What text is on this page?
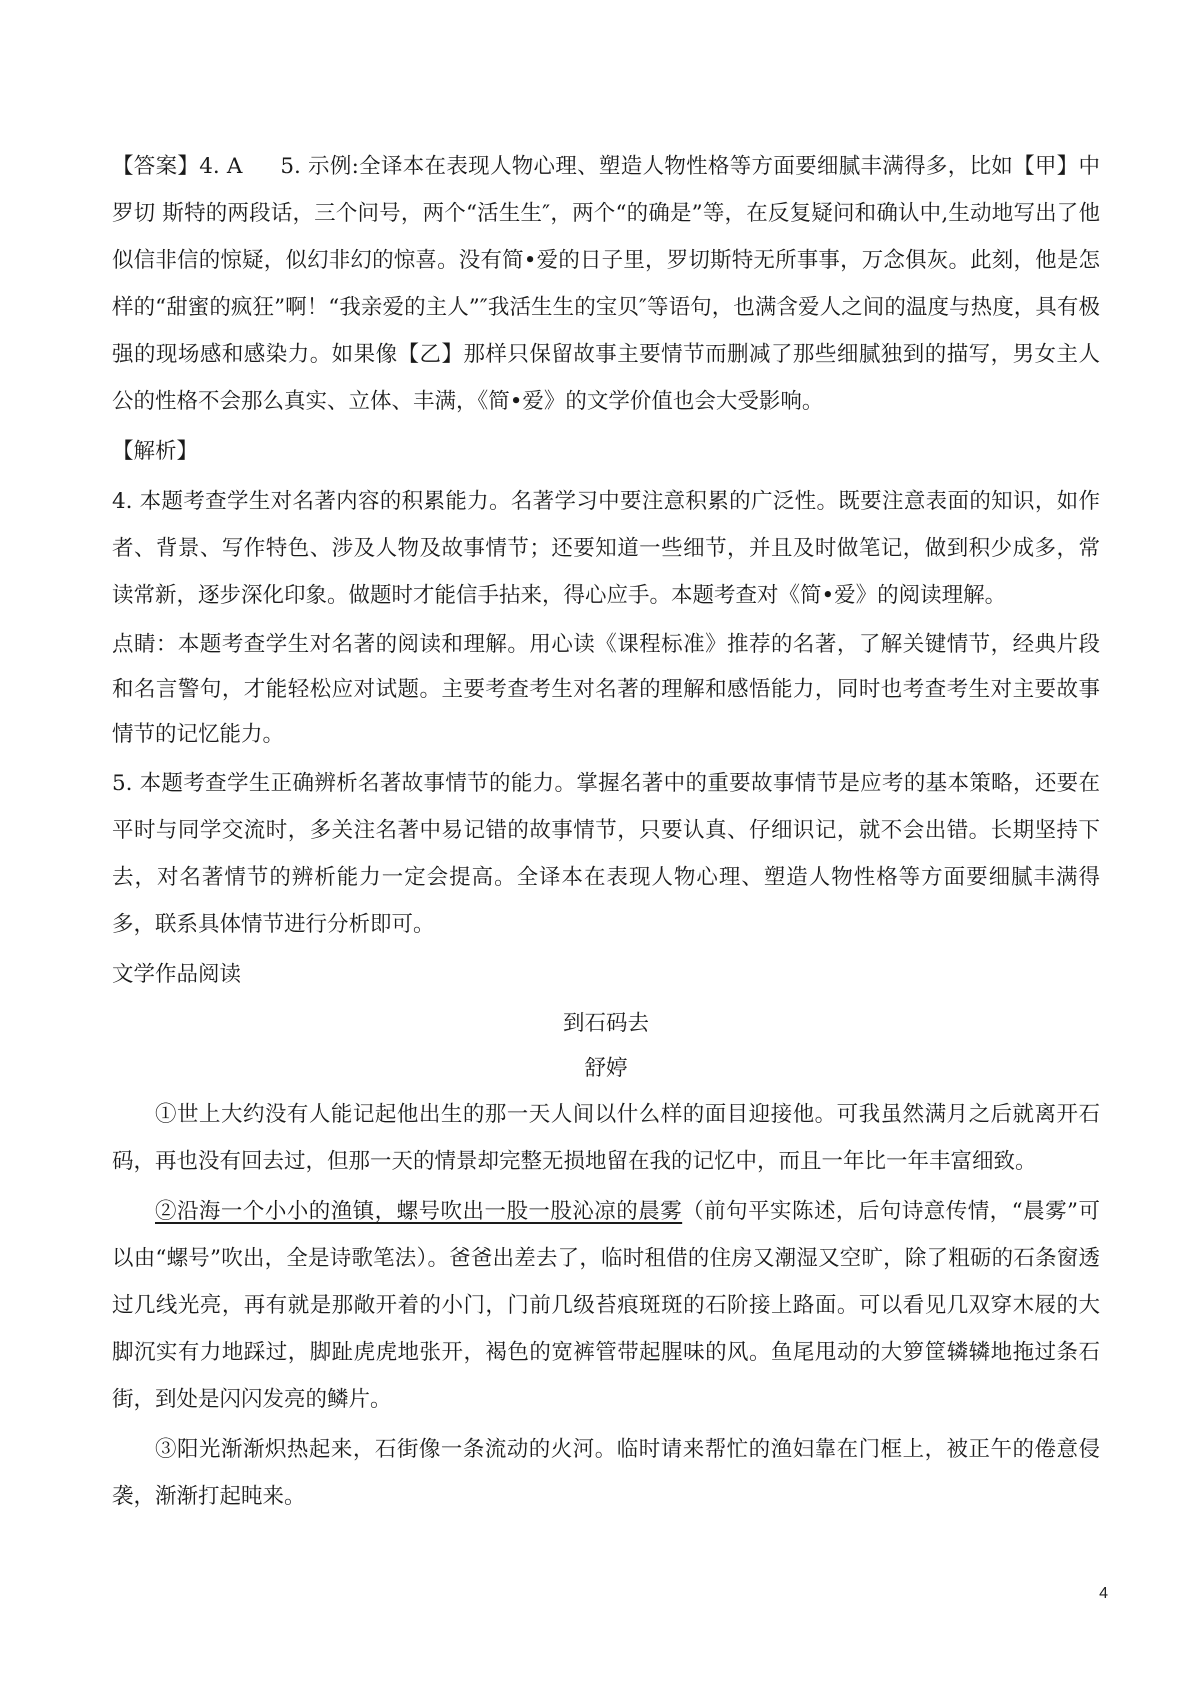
【答案】4. A 5. 示例:全译本在表现人物心理、塑造人物性格等方面要细腻丰满得多，比如【甲】中罗切 斯特的两段话，三个问号，两个“活生生″，两个“的确是”等，在反复疑问和确认中,生动地写出了他似信非信的惊疑，似幻非幻的惊喜。没有简•爱的日子里，罗切斯特无所事事，万念俱灰。此刻，他是怎样的“甜蜜的疯狂”啊！“我亲爱的主人”″我活生生的宝贝″等语句，也满含爱人之间的温度与热度，具有极强的现场感和感染力。如果像【乙】那样只保留故事主要情节而删减了那些细腻独到的描写，男女主人公的性格不会那么真实、立体、丰满，《简•爱》的文学价值也会大受影响。

【解析】

4. 本题考查学生对名著内容的积累能力。名著学习中要注意积累的广泛性。既要注意表面的知识，如作者、背景、写作特色、涉及人物及故事情节；还要知道一些细节，并且及时做笔记，做到积少成多，常读常新，逐步深化印象。做题时才能信手拈来，得心应手。本题考查对《简•爱》的阅读理解。

点睛：本题考查学生对名著的阅读和理解。用心读《课程标准》推荐的名著，了解关键情节，经典片段和名言警句，才能轻松应对试题。主要考查考生对名著的理解和感悟能力，同时也考查考生对主要故事情节的记忆能力。

5. 本题考查学生正确辨析名著故事情节的能力。掌握名著中的重要故事情节是应考的基本策略，还要在平时与同学交流时，多关注名著中易记错的故事情节，只要认真、仔细识记，就不会出错。长期坚持下去，对名著情节的辨析能力一定会提高。全译本在表现人物心理、塑造人物性格等方面要细腻丰满得多，联系具体情节进行分析即可。

文学作品阅读

到石码去

舒婷

①世上大约没有人能记起他出生的那一天人间以什么样的面目迎接他。可我虽然满月之后就离开石码，再也没有回去过，但那一天的情景却完整无损地留在我的记忆中，而且一年比一年丰富细致。

②沿海一个小小的渔镇，螺号吹出一股一股沁凉的晨雾（前句平实陈述，后句诗意传情，“晨雾”可以由“螺号”吹出，全是诗歌笔法）。爸爸出差去了，临时租借的住房又潮湿又空旷，除了粗砺的石条窗透过几线光亮，再有就是那敞开着的小门，门前几级苔痕斑斑的石阶接上路面。可以看见几双穿木屐的大脚沉实有力地踩过，脚趾虎虎地张开，褐色的宽裤管带起腥味的风。鱼尾甩动的大箩筐辚辚地拖过条石街，到处是闪闪发亮的鳞片。

③阳光渐渐炽热起来，石街像一条流动的火河。临时请来帮忙的渔妇靠在门框上，被正午的倦意侵袭，渐渐打起盹来。

4
